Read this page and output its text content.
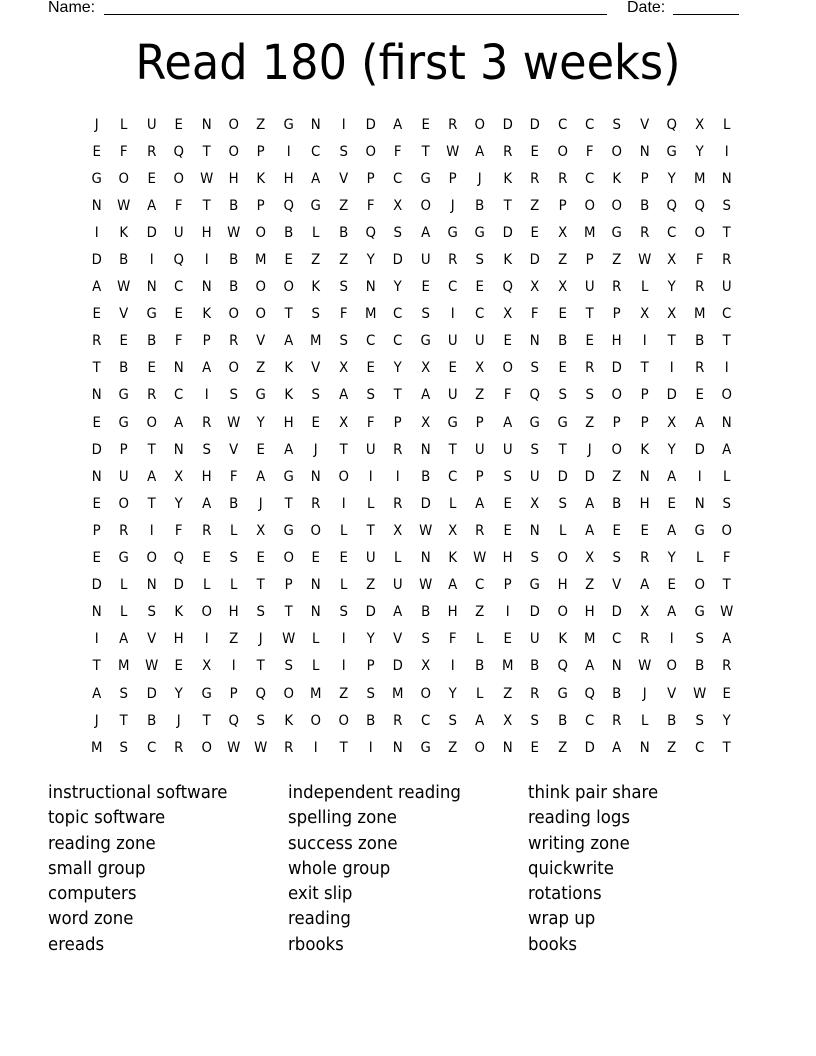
Name:	Date:
Read 180 (first 3 weeks)
J	L	U	E	N	O	Z	G	N	I	D	A	E	R	O	D	D	C	C	S	V	Q	X	L
E	F	R	Q	T	O	P	I	C	S	O	F	T	W	A	R	E	O	F	O	N	G	Y	I
G	O	E	O	W	H	K	H	A	V	P	C	G	P	J	K	R	R	C	K	P	Y	M	N
N	W	A	F	T	B	P	Q	G	Z	F	X	O	J	B	T	Z	P	O	O	B	Q	Q	S
I	K	D	U	H	W	O	B	L	B	Q	S	A	G	G	D	E	X	M	G	R	C	O	T
D	B	I	Q	I	B	M	E	Z	Z	Y	D	U	R	S	K	D	Z	P	Z	W	X	F	R
A	W	N	C	N	B	O	O	K	S	N	Y	E	C	E	Q	X	X	U	R	L	Y	R	U
E	V	G	E	K	O	O	T	S	F	M	C	S	I	C	X	F	E	T	P	X	X	M	C
R	E	B	F	P	R	V	A	M	S	C	C	G	U	U	E	N	B	E	H	I	T	B	T
T	B	E	N	A	O	Z	K	V	X	E	Y	X	E	X	O	S	E	R	D	T	I	R	I
N	G	R	C	I	S	G	K	S	A	S	T	A	U	Z	F	Q	S	S	O	P	D	E	O
E	G	O	A	R	W	Y	H	E	X	F	P	X	G	P	A	G	G	Z	P	P	X	A	N
D	P	T	N	S	V	E	A	J	T	U	R	N	T	U	U	S	T	J	O	K	Y	D	A
N	U	A	X	H	F	A	G	N	O	I	I	B	C	P	S	U	D	D	Z	N	A	I	L
E	O	T	Y	A	B	J	T	R	I	L	R	D	L	A	E	X	S	A	B	H	E	N	S
P	R	I	F	R	L	X	G	O	L	T	X	W	X	R	E	N	L	A	E	E	A	G	O
E	G	O	Q	E	S	E	O	E	E	U	L	N	K	W	H	S	O	X	S	R	Y	L	F
D	L	N	D	L	L	T	P	N	L	Z	U	W	A	C	P	G	H	Z	V	A	E	O	T
N	L	S	K	O	H	S	T	N	S	D	A	B	H	Z	I	D	O	H	D	X	A	G	W
I	A	V	H	I	Z	J	W	L	I	Y	V	S	F	L	E	U	K	M	C	R	I	S	A
T	M	W	E	X	I	T	S	L	I	P	D	X	I	B	M	B	Q	A	N	W	O	B	R
A	S	D	Y	G	P	Q	O	M	Z	S	M	O	Y	L	Z	R	G	Q	B	J	V	W	E
J	T	B	J	T	Q	S	K	O	O	B	R	C	S	A	X	S	B	C	R	L	B	S	Y
M	S	C	R	O	W	W	R	I	T	I	N	G	Z	O	N	E	Z	D	A	N	Z	C	T
instructional software
topic software
reading zone
small group
computers
word zone
ereads
independent reading
spelling zone
success zone
whole group
exit slip
reading
rbooks
think pair share
reading logs
writing zone
quickwrite
rotations
wrap up
books
